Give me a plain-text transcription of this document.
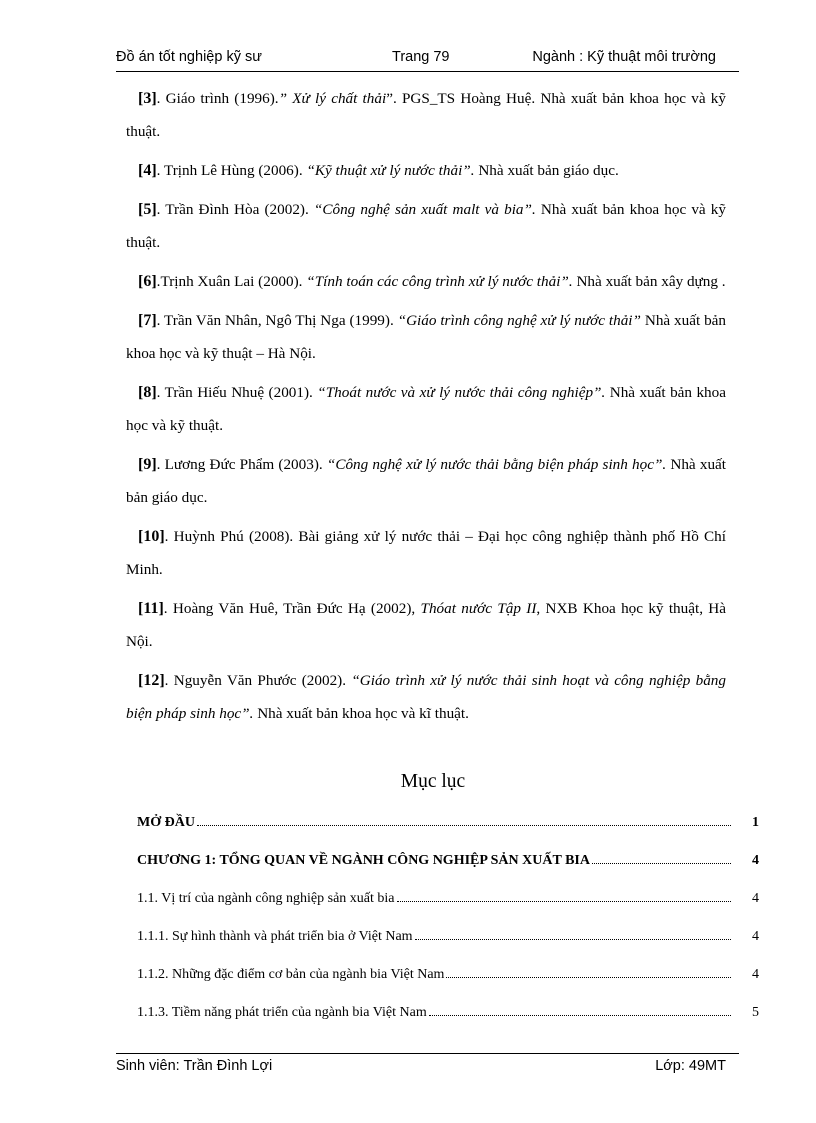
Đồ án tốt nghiệp kỹ sư	Trang 79	Ngành : Kỹ thuật môi trường

[3]. Giáo trình (1996).” Xử lý chất thải”. PGS_TS Hoàng Huệ. Nhà xuất bản khoa học và kỹ thuật.

[4]. Trịnh Lê Hùng (2006). “Kỹ thuật xử lý nước thải”. Nhà xuất bản giáo dục.

[5]. Trần Đình Hòa (2002). “Công nghệ sản xuất malt và bia”. Nhà xuất bản khoa học và kỹ thuật.

[6].Trịnh Xuân Lai (2000). “Tính toán các công trình xử lý nước thải”. Nhà xuất bản xây dựng .

[7]. Trần Văn Nhân, Ngô Thị Nga (1999). “Giáo trình công nghệ xử lý nước thải” Nhà xuất bản khoa học và kỹ thuật – Hà Nội.

[8]. Trần Hiếu Nhuệ (2001). “Thoát nước và xử lý nước thải công nghiệp”. Nhà xuất bản khoa học và kỹ thuật.

[9]. Lương Đức Phẩm (2003). “Công nghệ xử lý nước thải bằng biện pháp sinh học”. Nhà xuất bản giáo dục.

[10]. Huỳnh Phú (2008). Bài giảng xử lý nước thải – Đại học công nghiệp thành phố Hồ Chí Minh.

[11]. Hoàng Văn Huê, Trần Đức Hạ (2002), Thóat nước Tập II, NXB Khoa học kỹ thuật, Hà Nội.

[12]. Nguyễn Văn Phước (2002). “Giáo trình xử lý nước thải sinh hoạt và công nghiệp bằng biện pháp sinh học”. Nhà xuất bản khoa học và kĩ thuật.

Mục lục
MỞ ĐẦU	1
CHƯƠNG 1: TỔNG QUAN VỀ NGÀNH CÔNG NGHIỆP SẢN XUẤT BIA	4
1.1. Vị trí của ngành công nghiệp sản xuất bia	4
1.1.1. Sự hình thành và phát triển bia ở Việt Nam	4
1.1.2. Những đặc điểm cơ bản của ngành bia Việt Nam	4
1.1.3. Tiềm năng phát triển của ngành bia Việt Nam	5
Sinh viên: Trần Đình Lợi	Lớp: 49MT
